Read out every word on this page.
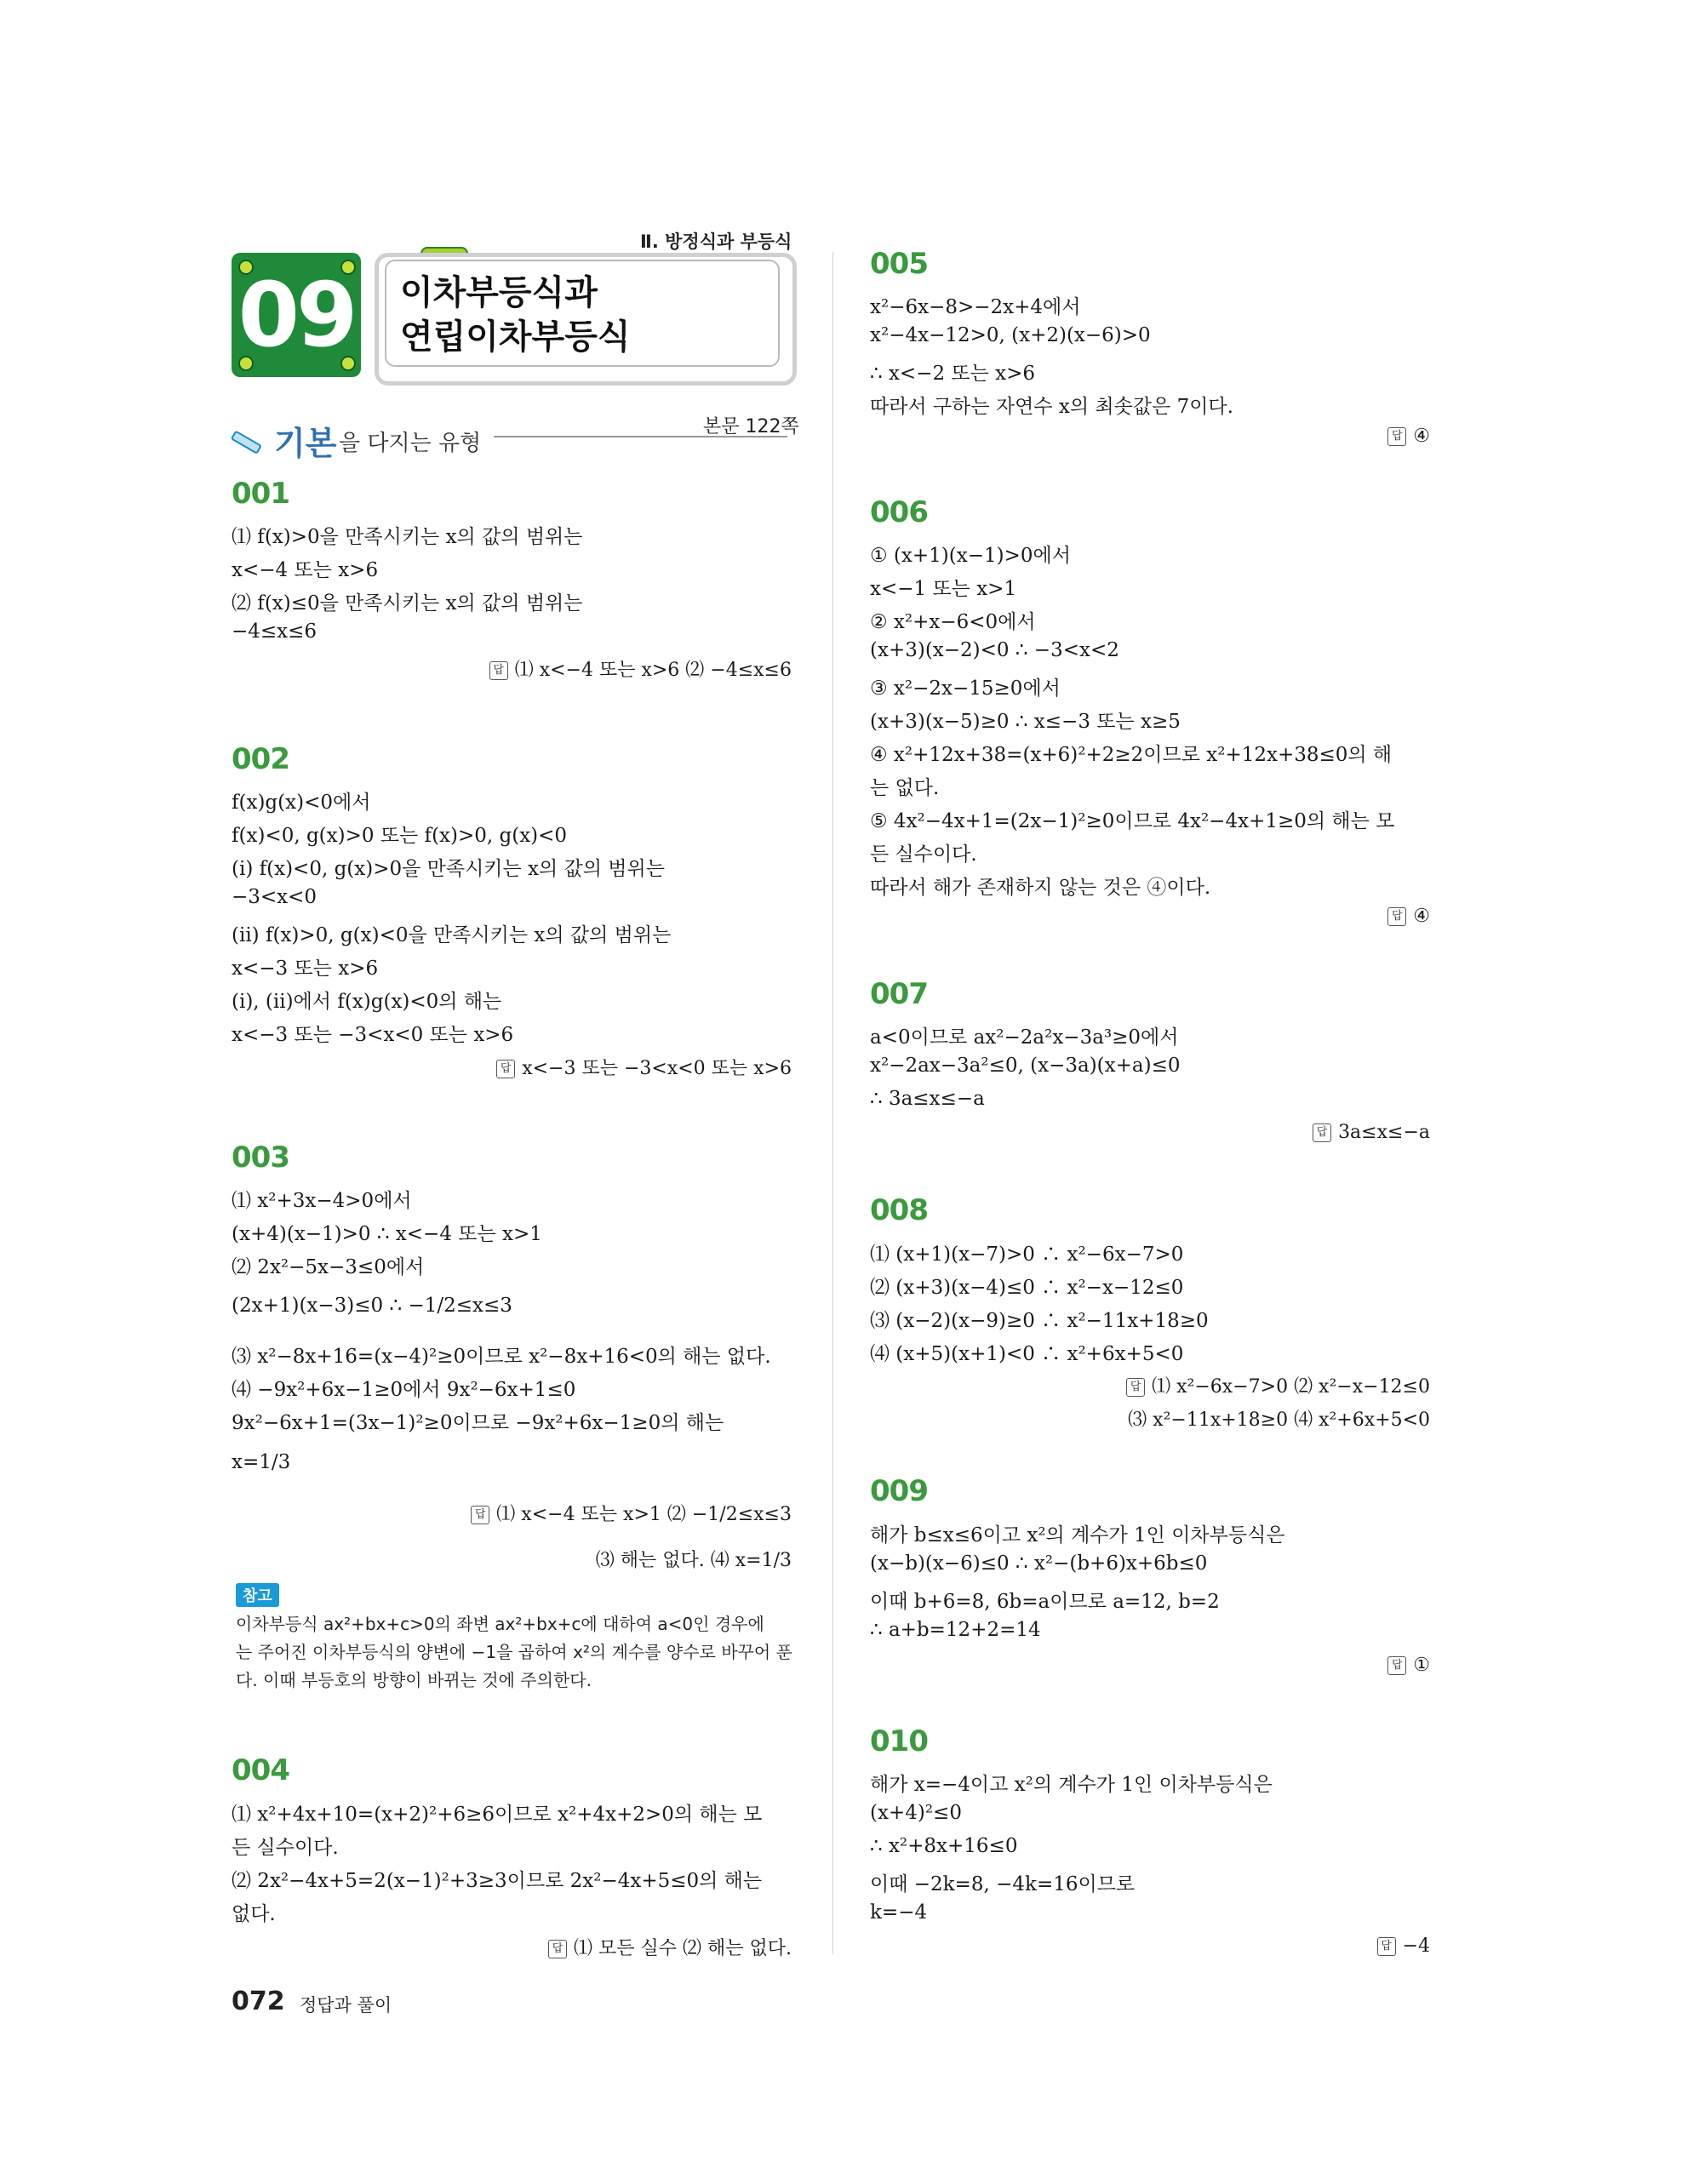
Ⅱ. 방정식과 부등식
이차부등식과
연립이차부등식
09
기본 을 다지는 유형
본문 122쪽
001
⑴ f(x)>0을 만족시키는 x의 값의 범위는
x<−4 또는 x>6
⑵ f(x)≤0을 만족시키는 x의 값의 범위는
−4≤x≤6
답 ⑴ x<−4 또는 x>6 ⑵ −4≤x≤6
002
f(x)g(x)<0에서
f(x)<0, g(x)>0 또는 f(x)>0, g(x)<0
(ⅰ) f(x)<0, g(x)>0을 만족시키는 x의 값의 범위는
−3<x<0
(ⅱ) f(x)>0, g(x)<0을 만족시키는 x의 값의 범위는
x<−3 또는 x>6
(ⅰ), (ⅱ)에서 f(x)g(x)<0의 해는
x<−3 또는 −3<x<0 또는 x>6
답 x<−3 또는 −3<x<0 또는 x>6
003
⑴ x²+3x−4>0에서
(x+4)(x−1)>0 ∴ x<−4 또는 x>1
⑵ 2x²−5x−3≤0에서
(2x+1)(x−3)≤0 ∴ −1/2≤x≤3
⑶ x²−8x+16=(x−4)²≥0이므로 x²−8x+16<0의 해는 없다.
⑷ −9x²+6x−1≥0에서 9x²−6x+1≤0
9x²−6x+1=(3x−1)²≥0이므로 −9x²+6x−1≥0의 해는
x=1/3
답 ⑴ x<−4 또는 x>1 ⑵ −1/2≤x≤3
⑶ 해는 없다. ⑷ x=1/3
참고
이차부등식 ax²+bx+c>0의 좌변 ax²+bx+c에 대하여 a<0인 경우에
는 주어진 이차부등식의 양변에 −1을 곱하여 x²의 계수를 양수로 바꾸어 푼
다. 이때 부등호의 방향이 바뀌는 것에 주의한다.
004
⑴ x²+4x+10=(x+2)²+6≥6이므로 x²+4x+2>0의 해는 모
든 실수이다.
⑵ 2x²−4x+5=2(x−1)²+3≥3이므로 2x²−4x+5≤0의 해는
없다.
답 ⑴ 모든 실수 ⑵ 해는 없다.
005
x²−6x−8>−2x+4에서
x²−4x−12>0, (x+2)(x−6)>0
∴ x<−2 또는 x>6
따라서 구하는 자연수 x의 최솟값은 7이다.
답 ④
006
① (x+1)(x−1)>0에서
x<−1 또는 x>1
② x²+x−6<0에서
(x+3)(x−2)<0 ∴ −3<x<2
③ x²−2x−15≥0에서
(x+3)(x−5)≥0 ∴ x≤−3 또는 x≥5
④ x²+12x+38=(x+6)²+2≥2이므로 x²+12x+38≤0의 해
는 없다.
⑤ 4x²−4x+1=(2x−1)²≥0이므로 4x²−4x+1≥0의 해는 모
든 실수이다.
따라서 해가 존재하지 않는 것은 ④이다.
답 ④
007
a<0이므로 ax²−2a²x−3a³≥0에서
x²−2ax−3a²≤0, (x−3a)(x+a)≤0
∴ 3a≤x≤−a
답 3a≤x≤−a
008
⑴ (x+1)(x−7)>0 ∴ x²−6x−7>0
⑵ (x+3)(x−4)≤0 ∴ x²−x−12≤0
⑶ (x−2)(x−9)≥0 ∴ x²−11x+18≥0
⑷ (x+5)(x+1)<0 ∴ x²+6x+5<0
답 ⑴ x²−6x−7>0 ⑵ x²−x−12≤0
⑶ x²−11x+18≥0 ⑷ x²+6x+5<0
009
해가 b≤x≤6이고 x²의 계수가 1인 이차부등식은
(x−b)(x−6)≤0 ∴ x²−(b+6)x+6b≤0
이때 b+6=8, 6b=a이므로 a=12, b=2
∴ a+b=12+2=14
답 ①
010
해가 x=−4이고 x²의 계수가 1인 이차부등식은
(x+4)²≤0
∴ x²+8x+16≤0
이때 −2k=8, −4k=16이므로
k=−4
답 −4
072 정답과 풀이
